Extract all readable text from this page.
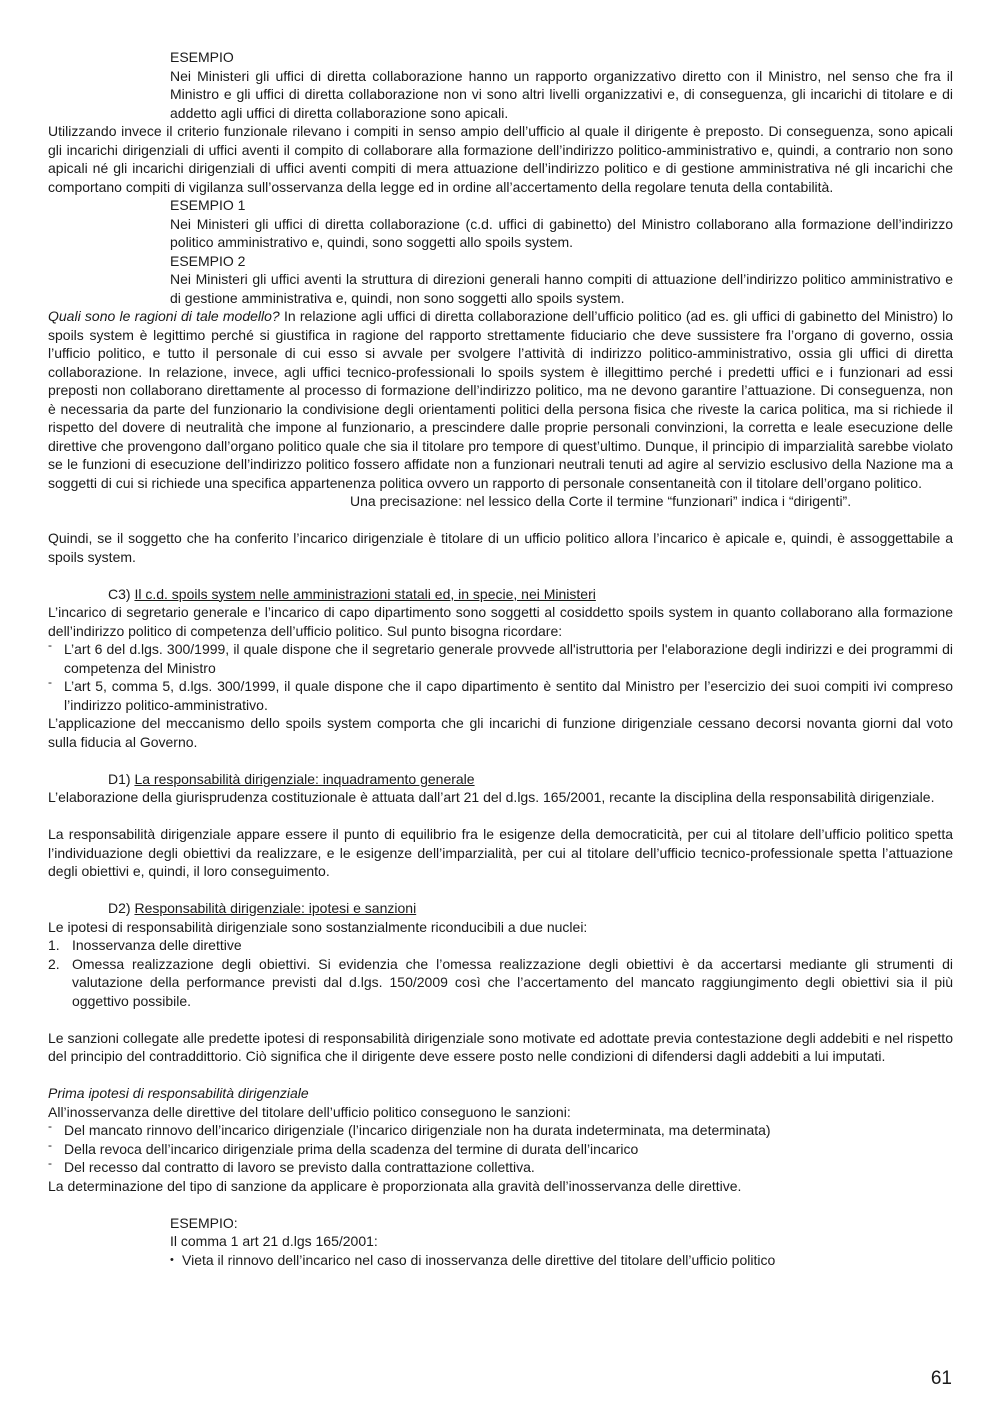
ESEMPIO

Nei Ministeri gli uffici di diretta collaborazione hanno un rapporto organizzativo diretto con il Ministro, nel senso che fra il Ministro e gli uffici di diretta collaborazione non vi sono altri livelli organizzativi e, di conseguenza, gli incarichi di titolare e di addetto agli uffici di diretta collaborazione sono apicali.

Utilizzando invece il criterio funzionale rilevano i compiti in senso ampio dell’ufficio al quale il dirigente è preposto. Di conseguenza, sono apicali gli incarichi dirigenziali di uffici aventi il compito di collaborare alla formazione dell’indirizzo politico-amministrativo e, quindi, a contrario non sono apicali né gli incarichi dirigenziali di uffici aventi compiti di mera attuazione dell’indirizzo politico e di gestione amministrativa né gli incarichi che comportano compiti di vigilanza sull’osservanza della legge ed in ordine all’accertamento della regolare tenuta della contabilità.

ESEMPIO 1

Nei Ministeri gli uffici di diretta collaborazione (c.d. uffici di gabinetto) del Ministro collaborano alla formazione dell’indirizzo politico amministrativo e, quindi, sono soggetti allo spoils system.

ESEMPIO 2

Nei Ministeri gli uffici aventi la struttura di direzioni generali hanno compiti di attuazione dell’indirizzo politico amministrativo e di gestione amministrativa e, quindi, non sono soggetti allo spoils system.

Quali sono le ragioni di tale modello? In relazione agli uffici di diretta collaborazione dell’ufficio politico (ad es. gli uffici di gabinetto del Ministro) lo spoils system è legittimo perché si giustifica in ragione del rapporto strettamente fiduciario che deve sussistere fra l’organo di governo, ossia l’ufficio politico, e tutto il personale di cui esso si avvale per svolgere l’attività di indirizzo politico-amministrativo, ossia gli uffici di diretta collaborazione. In relazione, invece, agli uffici tecnico-professionali lo spoils system è illegittimo perché i predetti uffici e i funzionari ad essi preposti non collaborano direttamente al processo di formazione dell’indirizzo politico, ma ne devono garantire l’attuazione. Di conseguenza, non è necessaria da parte del funzionario la condivisione degli orientamenti politici della persona fisica che riveste la carica politica, ma si richiede il rispetto del dovere di neutralità che impone al funzionario, a prescindere dalle proprie personali convinzioni, la corretta e leale esecuzione delle direttive che provengono dall’organo politico quale che sia il titolare pro tempore di quest’ultimo. Dunque, il principio di imparzialità sarebbe violato se le funzioni di esecuzione dell’indirizzo politico fossero affidate non a funzionari neutrali tenuti ad agire al servizio esclusivo della Nazione ma a soggetti di cui si richiede una specifica appartenenza politica ovvero un rapporto di personale consentaneità con il titolare dell’organo politico.

Una precisazione: nel lessico della Corte il termine “funzionari” indica i “dirigenti”.

Quindi, se il soggetto che ha conferito l’incarico dirigenziale è titolare di un ufficio politico allora l’incarico è apicale e, quindi, è assoggettabile a spoils system.

C3) Il c.d. spoils system nelle amministrazioni statali ed, in specie, nei Ministeri

L’incarico di segretario generale e l’incarico di capo dipartimento sono soggetti al cosiddetto spoils system in quanto collaborano alla formazione dell’indirizzo politico di competenza dell’ufficio politico. Sul punto bisogna ricordare:

- L’art 6 del d.lgs. 300/1999, il quale dispone che il segretario generale provvede all'istruttoria per l'elaborazione degli indirizzi e dei programmi di competenza del Ministro
- L’art 5, comma 5, d.lgs. 300/1999, il quale dispone che il capo dipartimento è sentito dal Ministro per l’esercizio dei suoi compiti ivi compreso l’indirizzo politico-amministrativo.

L’applicazione del meccanismo dello spoils system comporta che gli incarichi di funzione dirigenziale cessano decorsi novanta giorni dal voto sulla fiducia al Governo.

D1) La responsabilità dirigenziale: inquadramento generale

L’elaborazione della giurisprudenza costituzionale è attuata dall’art 21 del d.lgs. 165/2001, recante la disciplina della responsabilità dirigenziale.

La responsabilità dirigenziale appare essere il punto di equilibrio fra le esigenze della democraticità, per cui al titolare dell’ufficio politico spetta l’individuazione degli obiettivi da realizzare, e le esigenze dell’imparzialità, per cui al titolare dell’ufficio tecnico-professionale spetta l’attuazione degli obiettivi e, quindi, il loro conseguimento.

D2) Responsabilità dirigenziale: ipotesi e sanzioni

Le ipotesi di responsabilità dirigenziale sono sostanzialmente riconducibili a due nuclei:

1. Inosservanza delle direttive
2. Omessa realizzazione degli obiettivi. Si evidenzia che l’omessa realizzazione degli obiettivi è da accertarsi mediante gli strumenti di valutazione della performance previsti dal d.lgs. 150/2009 così che l’accertamento del mancato raggiungimento degli obiettivi sia il più oggettivo possibile.

Le sanzioni collegate alle predette ipotesi di responsabilità dirigenziale sono motivate ed adottate previa contestazione degli addebiti e nel rispetto del principio del contraddittorio. Ciò significa che il dirigente deve essere posto nelle condizioni di difendersi dagli addebiti a lui imputati.

Prima ipotesi di responsabilità dirigenziale

All’inosservanza delle direttive del titolare dell’ufficio politico conseguono le sanzioni:

- Del mancato rinnovo dell’incarico dirigenziale (l’incarico dirigenziale non ha durata indeterminata, ma determinata)
- Della revoca dell’incarico dirigenziale prima della scadenza del termine di durata dell’incarico
- Del recesso dal contratto di lavoro se previsto dalla contrattazione collettiva.

La determinazione del tipo di sanzione da applicare è proporzionata alla gravità dell’inosservanza delle direttive.

ESEMPIO:

Il comma 1 art 21 d.lgs 165/2001:

• Vieta il rinnovo dell’incarico nel caso di inosservanza delle direttive del titolare dell’ufficio politico
61
